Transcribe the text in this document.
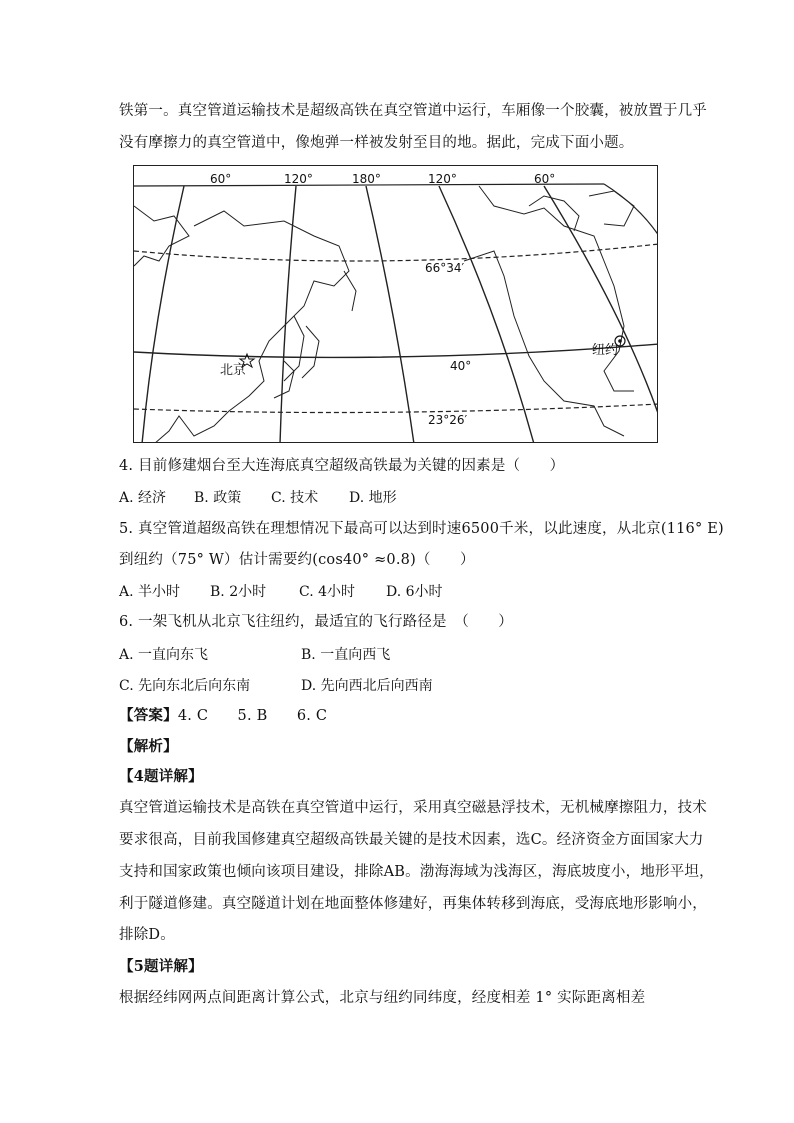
铁第一。真空管道运输技术是超级高铁在真空管道中运行，车厢像一个胶囊，被放置于几乎
没有摩擦力的真空管道中，像炮弹一样被发射至目的地。据此，完成下面小题。
60°	120°	180°	120°	60°
66°34′
40°
23°26′
北京
纽约
4. 目前修建烟台至大连海底真空超级高铁最为关键的因素是（　　）
A. 经济 B. 政策 C. 技术 D. 地形
5. 真空管道超级高铁在理想情况下最高可以达到时速6500千米，以此速度，从北京(116° E)
到纽约（75° W）估计需要约(cos40° ≈0.8)（　　）
A. 半小时 B. 2小时 C. 4小时 D. 6小时
6. 一架飞机从北京飞往纽约，最适宜的飞行路径是　（　　）
A. 一直向东飞	B. 一直向西飞
C. 先向东北后向东南	D. 先向西北后向西南
【答案】4. C　　5. B　　6. C
【解析】
【4题详解】
真空管道运输技术是高铁在真空管道中运行，采用真空磁悬浮技术，无机械摩擦阻力，技术
要求很高，目前我国修建真空超级高铁最关键的是技术因素，选C。经济资金方面国家大力
支持和国家政策也倾向该项目建设，排除AB。渤海海域为浅海区，海底坡度小，地形平坦，
利于隧道修建。真空隧道计划在地面整体修建好，再集体转移到海底，受海底地形影响小，
排除D。
【5题详解】
根据经纬网两点间距离计算公式，北京与纽约同纬度，经度相差 1° 实际距离相差
